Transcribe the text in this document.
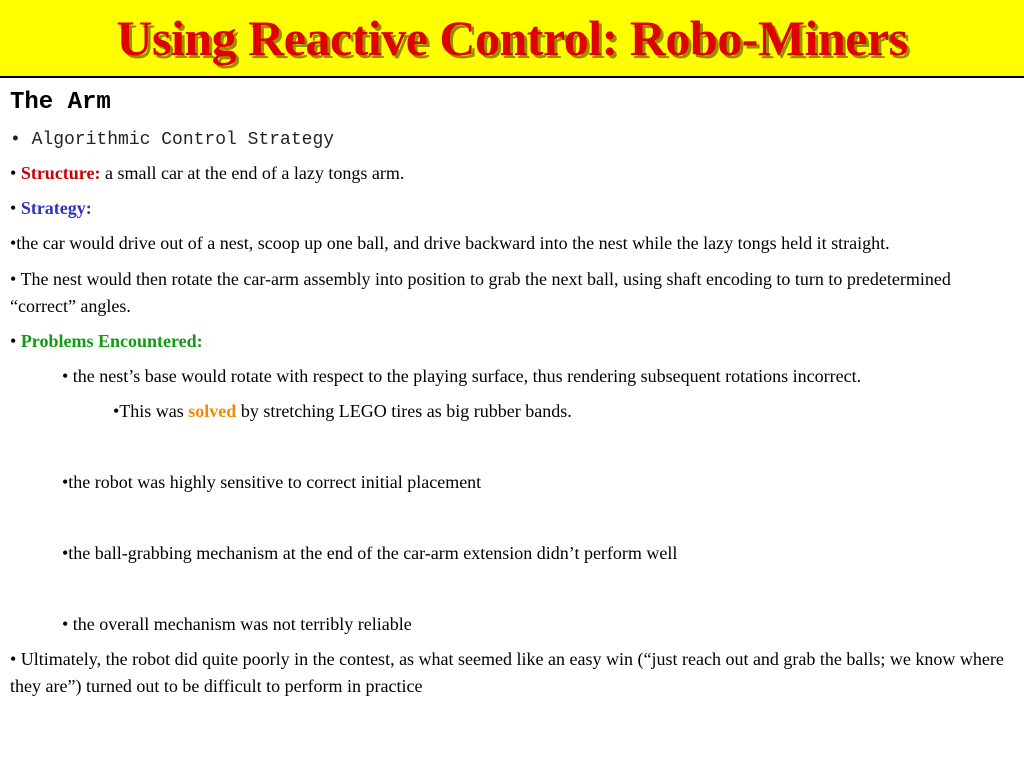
Using Reactive Control: Robo-Miners
The Arm
• Algorithmic Control Strategy

• Structure: a small car at the end of a lazy tongs arm.

• Strategy:

•the car would drive out of a nest, scoop up one ball, and drive backward into the nest while the lazy tongs held it straight.

• The nest would then rotate the car-arm assembly into position to grab the next ball, using shaft encoding to turn to predetermined “correct” angles.

• Problems Encountered:

• the nest’s base would rotate with respect to the playing surface, thus rendering subsequent rotations incorrect.

•This was solved by stretching LEGO tires as big rubber bands.

•the robot was highly sensitive to correct initial placement

•the ball-grabbing mechanism at the end of the car-arm extension didn’t perform well

• the overall mechanism was not terribly reliable

• Ultimately, the robot did quite poorly in the contest, as what seemed like an easy win (“just reach out and grab the balls; we know where they are”) turned out to be difficult to perform in practice
